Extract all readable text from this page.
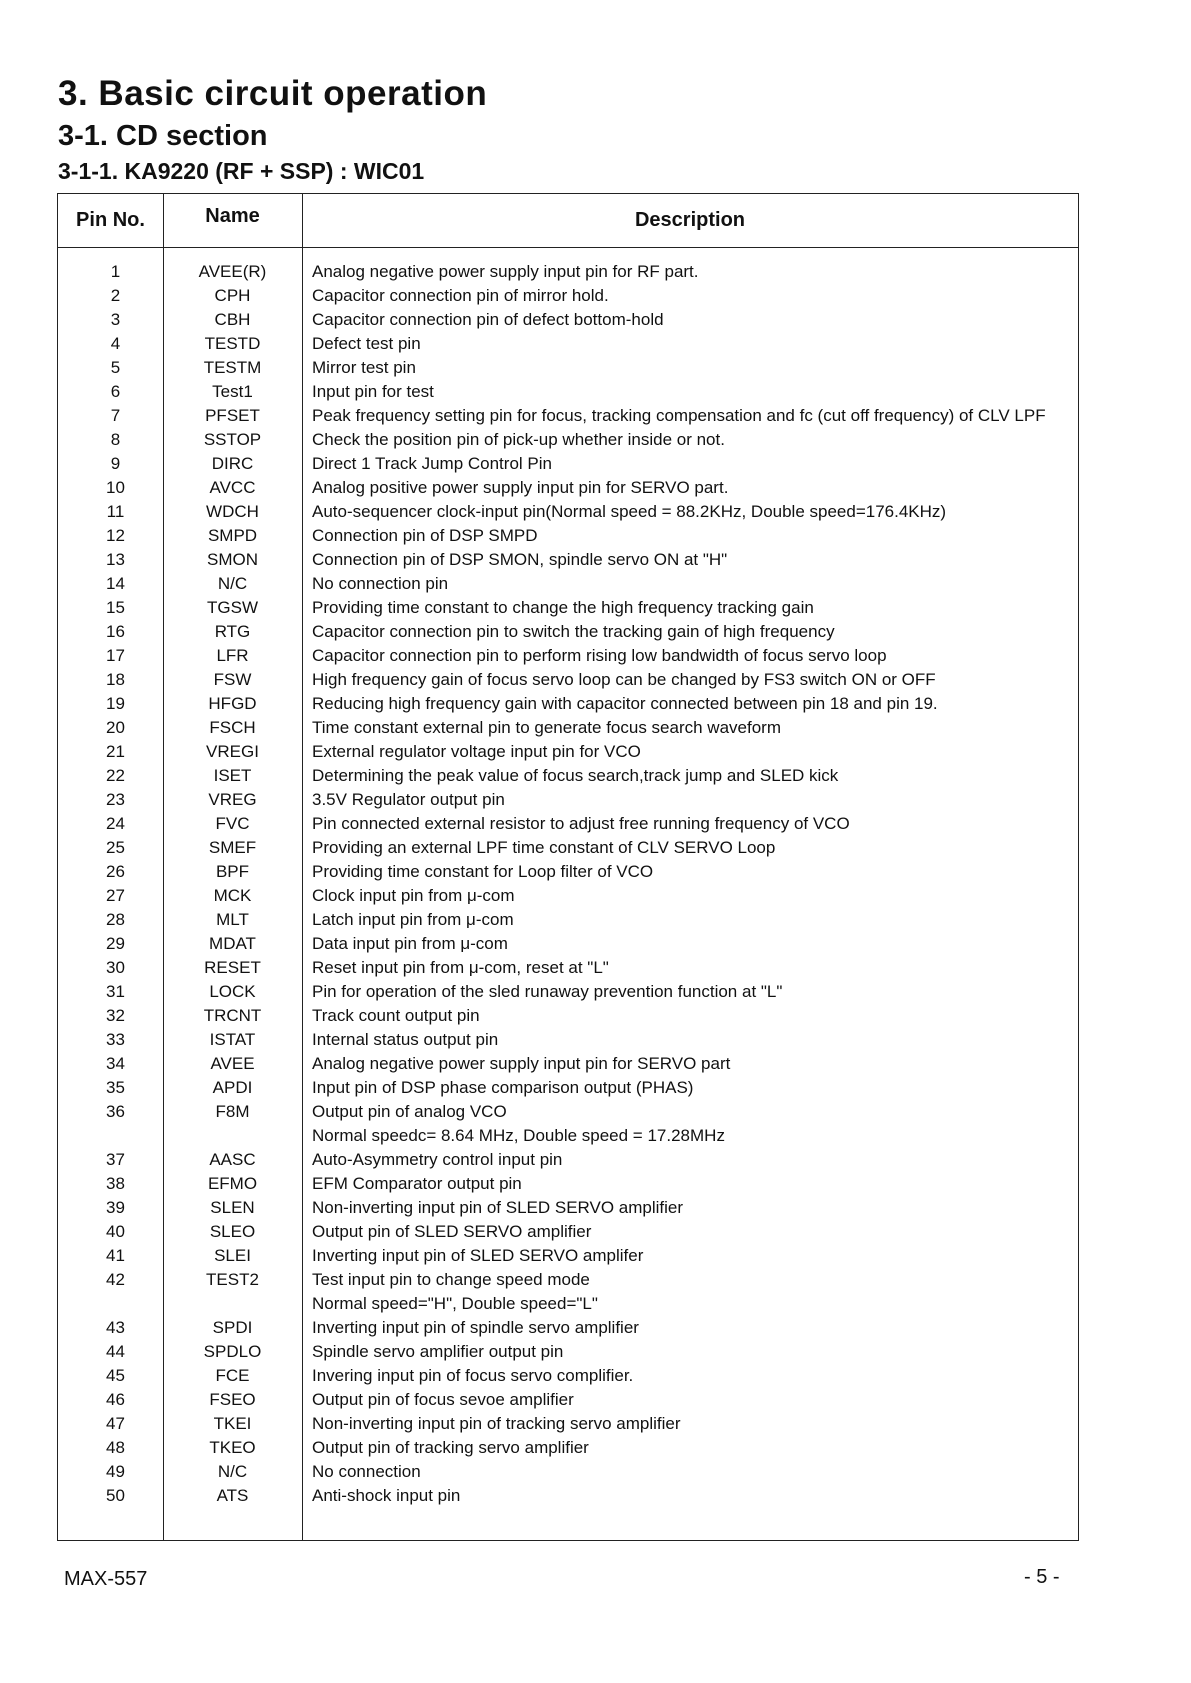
3. Basic circuit operation
3-1. CD section
3-1-1. KA9220 (RF + SSP) : WIC01
Pin No.	Name	Description
1	AVEE(R)	Analog negative power supply input pin for RF part.
2	CPH	Capacitor connection pin of mirror hold.
3	CBH	Capacitor connection pin of defect bottom-hold
4	TESTD	Defect test pin
5	TESTM	Mirror test pin
6	Test1	Input pin for test
7	PFSET	Peak frequency setting pin for focus, tracking compensation and fc (cut off frequency) of CLV LPF
8	SSTOP	Check the position pin of pick-up whether inside or not.
9	DIRC	Direct 1 Track Jump Control Pin
10	AVCC	Analog positive power supply input pin for SERVO part.
11	WDCH	Auto-sequencer clock-input pin(Normal speed = 88.2KHz, Double speed=176.4KHz)
12	SMPD	Connection pin of DSP SMPD
13	SMON	Connection pin of DSP SMON, spindle servo ON at "H"
14	N/C	No connection pin
15	TGSW	Providing time constant to change the high frequency tracking gain
16	RTG	Capacitor connection pin to switch the tracking gain of high frequency
17	LFR	Capacitor connection pin to perform rising low bandwidth of focus servo loop
18	FSW	High frequency gain of focus servo loop can be changed by FS3 switch ON or OFF
19	HFGD	Reducing high frequency gain with capacitor connected between pin 18 and pin 19.
20	FSCH	Time constant external pin to generate focus search waveform
21	VREGI	External regulator voltage input pin for VCO
22	ISET	Determining the peak value of focus search,track jump and SLED kick
23	VREG	3.5V Regulator output pin
24	FVC	Pin connected external resistor to adjust free running frequency of VCO
25	SMEF	Providing an external LPF time constant of CLV SERVO Loop
26	BPF	Providing time constant for Loop filter of VCO
27	MCK	Clock input pin from μ-com
28	MLT	Latch input pin from μ-com
29	MDAT	Data input pin from μ-com
30	RESET	Reset input pin from μ-com, reset at "L"
31	LOCK	Pin for operation of the sled runaway prevention function at "L"
32	TRCNT	Track count output pin
33	ISTAT	Internal status output pin
34	AVEE	Analog negative power supply input pin for SERVO part
35	APDI	Input pin of DSP phase comparison output (PHAS)
36	F8M	Output pin of analog VCO
Normal speedc= 8.64 MHz, Double speed = 17.28MHz
37	AASC	Auto-Asymmetry control input pin
38	EFMO	EFM Comparator output pin
39	SLEN	Non-inverting input pin of SLED SERVO amplifier
40	SLEO	Output pin of SLED SERVO amplifier
41	SLEI	Inverting input pin of SLED SERVO amplifer
42	TEST2	Test input pin to change speed mode
Normal speed="H", Double speed="L"
43	SPDI	Inverting input pin of spindle servo amplifier
44	SPDLO	Spindle servo amplifier output pin
45	FCE	Invering input pin of focus servo complifier.
46	FSEO	Output pin of focus sevoe amplifier
47	TKEI	Non-inverting input pin of tracking servo amplifier
48	TKEO	Output pin of tracking servo amplifier
49	N/C	No connection
50	ATS	Anti-shock input pin
MAX-557	- 5 -
